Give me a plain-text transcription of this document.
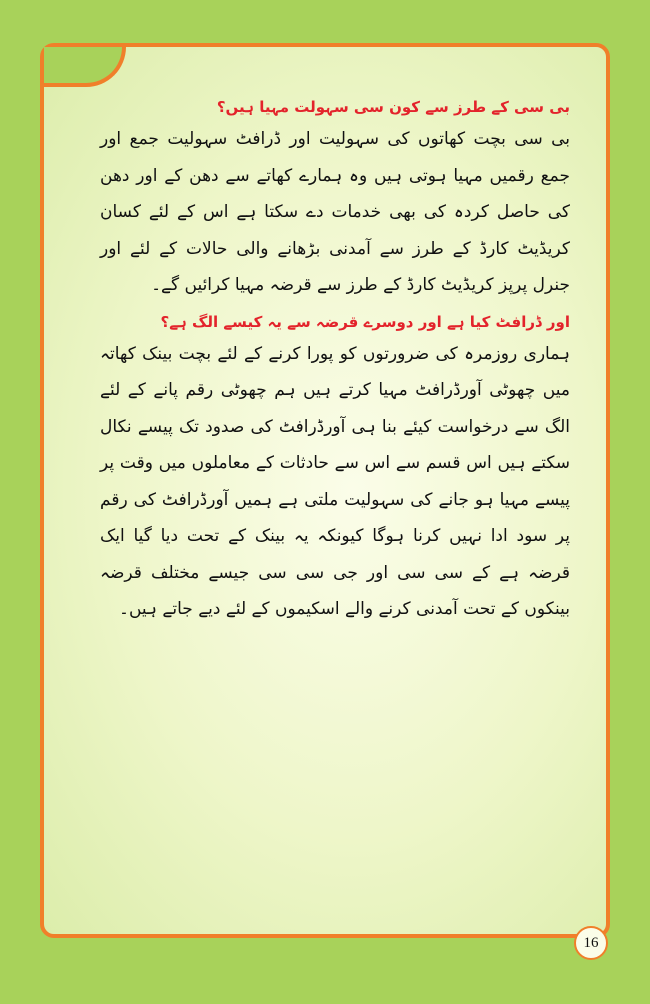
بی سی کے طرز سے کون سی سہولت مہیا ہیں؟

بی سی بچت کھاتوں کی سہولیت اور ڈرافٹ سہولیت جمع اور جمع رقمیں مہیا ہوتی ہیں وہ ہمارے کھاتے سے دھن کے اور دھن کی حاصل کردہ کی بھی خدمات دے سکتا ہے اس کے لئے کسان کریڈیٹ کارڈ کے طرز سے آمدنی بڑھانے والی حالات کے لئے اور جنرل پرپز کریڈیٹ کارڈ کے طرز سے قرضہ مہیا کرائیں گے۔

اور ڈرافٹ کیا ہے اور دوسرے قرضہ سے یہ کیسے الگ ہے؟

ہماری روزمرہ کی ضرورتوں کو پورا کرنے کے لئے بچت بینک کھاتہ میں چھوٹی آورڈرافٹ مہیا کرتے ہیں ہم چھوٹی رقم پانے کے لئے الگ سے درخواست کیئے بنا ہی آورڈرافٹ کی صدود تک پیسے نکال سکتے ہیں اس قسم سے اس سے حادثات کے معاملوں میں وقت پر پیسے مہیا ہو جانے کی سہولیت ملتی ہے ہمیں آورڈرافٹ کی رقم پر سود ادا نہیں کرنا ہوگا کیونکہ یہ بینک کے تحت دیا گیا ایک قرضہ ہے کے سی سی اور جی سی سی جیسے مختلف قرضہ بینکوں کے تحت آمدنی کرنے والے اسکیموں کے لئے دیے جاتے ہیں۔

16
